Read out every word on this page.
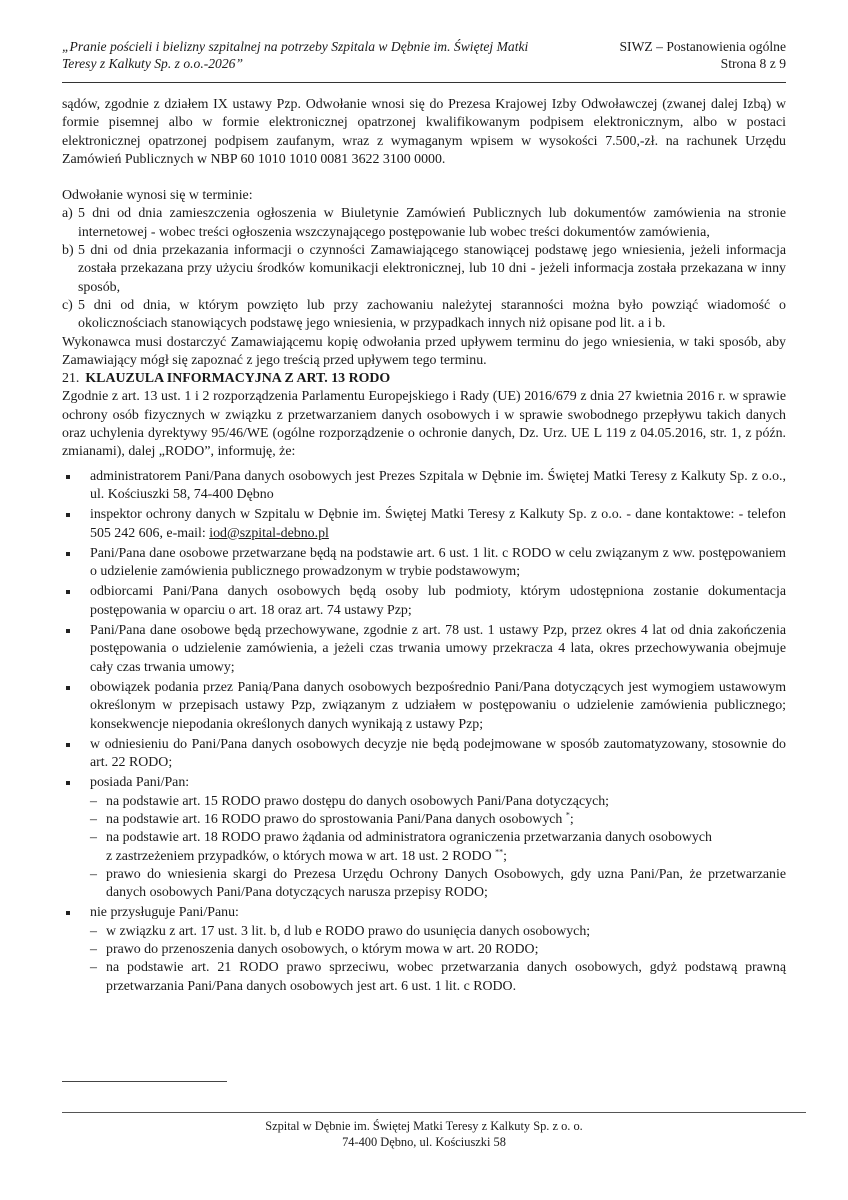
„Pranie pościeli i bielizny szpitalnej na potrzeby Szpitala w Dębnie im. Świętej Matki
Teresy z Kalkuty Sp. z o.o.-2026”
SIWZ – Postanowienia ogólne
Strona 8 z 9

sądów, zgodnie z działem IX ustawy Pzp. Odwołanie wnosi się do Prezesa Krajowej Izby Odwoławczej (zwanej dalej Izbą) w formie pisemnej albo w formie elektronicznej opatrzonej kwalifikowanym podpisem elektronicznym, albo w postaci elektronicznej opatrzonej podpisem zaufanym, wraz z wymaganym wpisem w wysokości 7.500,-zł. na rachunek Urzędu Zamówień Publicznych w NBP 60 1010 1010 0081 3622 3100 0000.

Odwołanie wynosi się w terminie:

a) 5 dni od dnia zamieszczenia ogłoszenia w Biuletynie Zamówień Publicznych lub dokumentów zamówienia na stronie internetowej - wobec treści ogłoszenia wszczynającego postępowanie lub wobec treści dokumentów zamówienia,
b) 5 dni od dnia przekazania informacji o czynności Zamawiającego stanowiącej podstawę jego wniesienia, jeżeli informacja została przekazana przy użyciu środków komunikacji elektronicznej, lub 10 dni - jeżeli informacja została przekazana w inny sposób,
c) 5 dni od dnia, w którym powzięto lub przy zachowaniu należytej staranności można było powziąć wiadomość o okolicznościach stanowiących podstawę jego wniesienia, w przypadkach innych niż opisane pod lit. a i b.

Wykonawca musi dostarczyć Zamawiającemu kopię odwołania przed upływem terminu do jego wniesienia, w taki sposób, aby Zamawiający mógł się zapoznać z jego treścią przed upływem tego terminu.

21. KLAUZULA INFORMACYJNA Z ART. 13 RODO

Zgodnie z art. 13 ust. 1 i 2 rozporządzenia Parlamentu Europejskiego i Rady (UE) 2016/679 z dnia 27 kwietnia 2016 r. w sprawie ochrony osób fizycznych w związku z przetwarzaniem danych osobowych i w sprawie swobodnego przepływu takich danych oraz uchylenia dyrektywy 95/46/WE (ogólne rozporządzenie o ochronie danych, Dz. Urz. UE L 119 z 04.05.2016, str. 1, z późn. zmianami), dalej „RODO”, informuję, że:

administratorem Pani/Pana danych osobowych jest Prezes Szpitala w Dębnie im. Świętej Matki Teresy z Kalkuty Sp. z o.o., ul. Kościuszki 58, 74-400 Dębno
inspektor ochrony danych w Szpitalu w Dębnie im. Świętej Matki Teresy z Kalkuty Sp. z o.o. - dane kontaktowe: - telefon 505 242 606, e-mail: iod@szpital-debno.pl
Pani/Pana dane osobowe przetwarzane będą na podstawie art. 6 ust. 1 lit. c RODO w celu związanym z ww. postępowaniem o udzielenie zamówienia publicznego prowadzonym w trybie podstawowym;
odbiorcami Pani/Pana danych osobowych będą osoby lub podmioty, którym udostępniona zostanie dokumentacja postępowania w oparciu o art. 18 oraz art. 74 ustawy Pzp;
Pani/Pana dane osobowe będą przechowywane, zgodnie z art. 78 ust. 1 ustawy Pzp, przez okres 4 lat od dnia zakończenia postępowania o udzielenie zamówienia, a jeżeli czas trwania umowy przekracza 4 lata, okres przechowywania obejmuje cały czas trwania umowy;
obowiązek podania przez Panią/Pana danych osobowych bezpośrednio Pani/Pana dotyczących jest wymogiem ustawowym określonym w przepisach ustawy Pzp, związanym z udziałem w postępowaniu o udzielenie zamówienia publicznego; konsekwencje niepodania określonych danych wynikają z ustawy Pzp;
w odniesieniu do Pani/Pana danych osobowych decyzje nie będą podejmowane w sposób zautomatyzowany, stosownie do art. 22 RODO;
posiada Pani/Pan:
– na podstawie art. 15 RODO prawo dostępu do danych osobowych Pani/Pana dotyczących;
– na podstawie art. 16 RODO prawo do sprostowania Pani/Pana danych osobowych *;
– na podstawie art. 18 RODO prawo żądania od administratora ograniczenia przetwarzania danych osobowych
z zastrzeżeniem przypadków, o których mowa w art. 18 ust. 2 RODO **;
– prawo do wniesienia skargi do Prezesa Urzędu Ochrony Danych Osobowych, gdy uzna Pani/Pan, że przetwarzanie danych osobowych Pani/Pana dotyczących narusza przepisy RODO;
nie przysługuje Pani/Panu:
– w związku z art. 17 ust. 3 lit. b, d lub e RODO prawo do usunięcia danych osobowych;
– prawo do przenoszenia danych osobowych, o którym mowa w art. 20 RODO;
– na podstawie art. 21 RODO prawo sprzeciwu, wobec przetwarzania danych osobowych, gdyż podstawą prawną przetwarzania Pani/Pana danych osobowych jest art. 6 ust. 1 lit. c RODO.
Szpital w Dębnie im. Świętej Matki Teresy z Kalkuty Sp. z o. o.
74-400 Dębno, ul. Kościuszki 58
